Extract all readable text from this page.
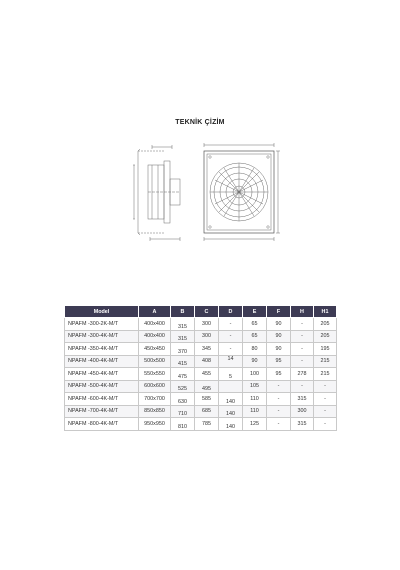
TEKNİK ÇİZİM
Model	A	B	C	D	E	F	H	H1
NPAFM -300-2K-M/T	400x400	315	300	-	65	90	-	205
NPAFM -300-4K-M/T	400x400	315	300	-	65	90	-	205
NPAFM -350-4K-M/T	450x450	370	345	-	80	90	-	195
NPAFM -400-4K-M/T	500x500	415	408	14	90	95	-	215
NPAFM -450-4K-M/T	550x550	475	455	5	100	95	278	215
NPAFM -500-4K-M/T	600x600	525	495		105	-	-	-
NPAFM -600-4K-M/T	700x700	630	585	140	110	-	315	-
NPAFM -700-4K-M/T	850x850	710	685	140	110	-	300	-
NPAFM -800-4K-M/T	950x950	810	785	140	125	-	315	-
